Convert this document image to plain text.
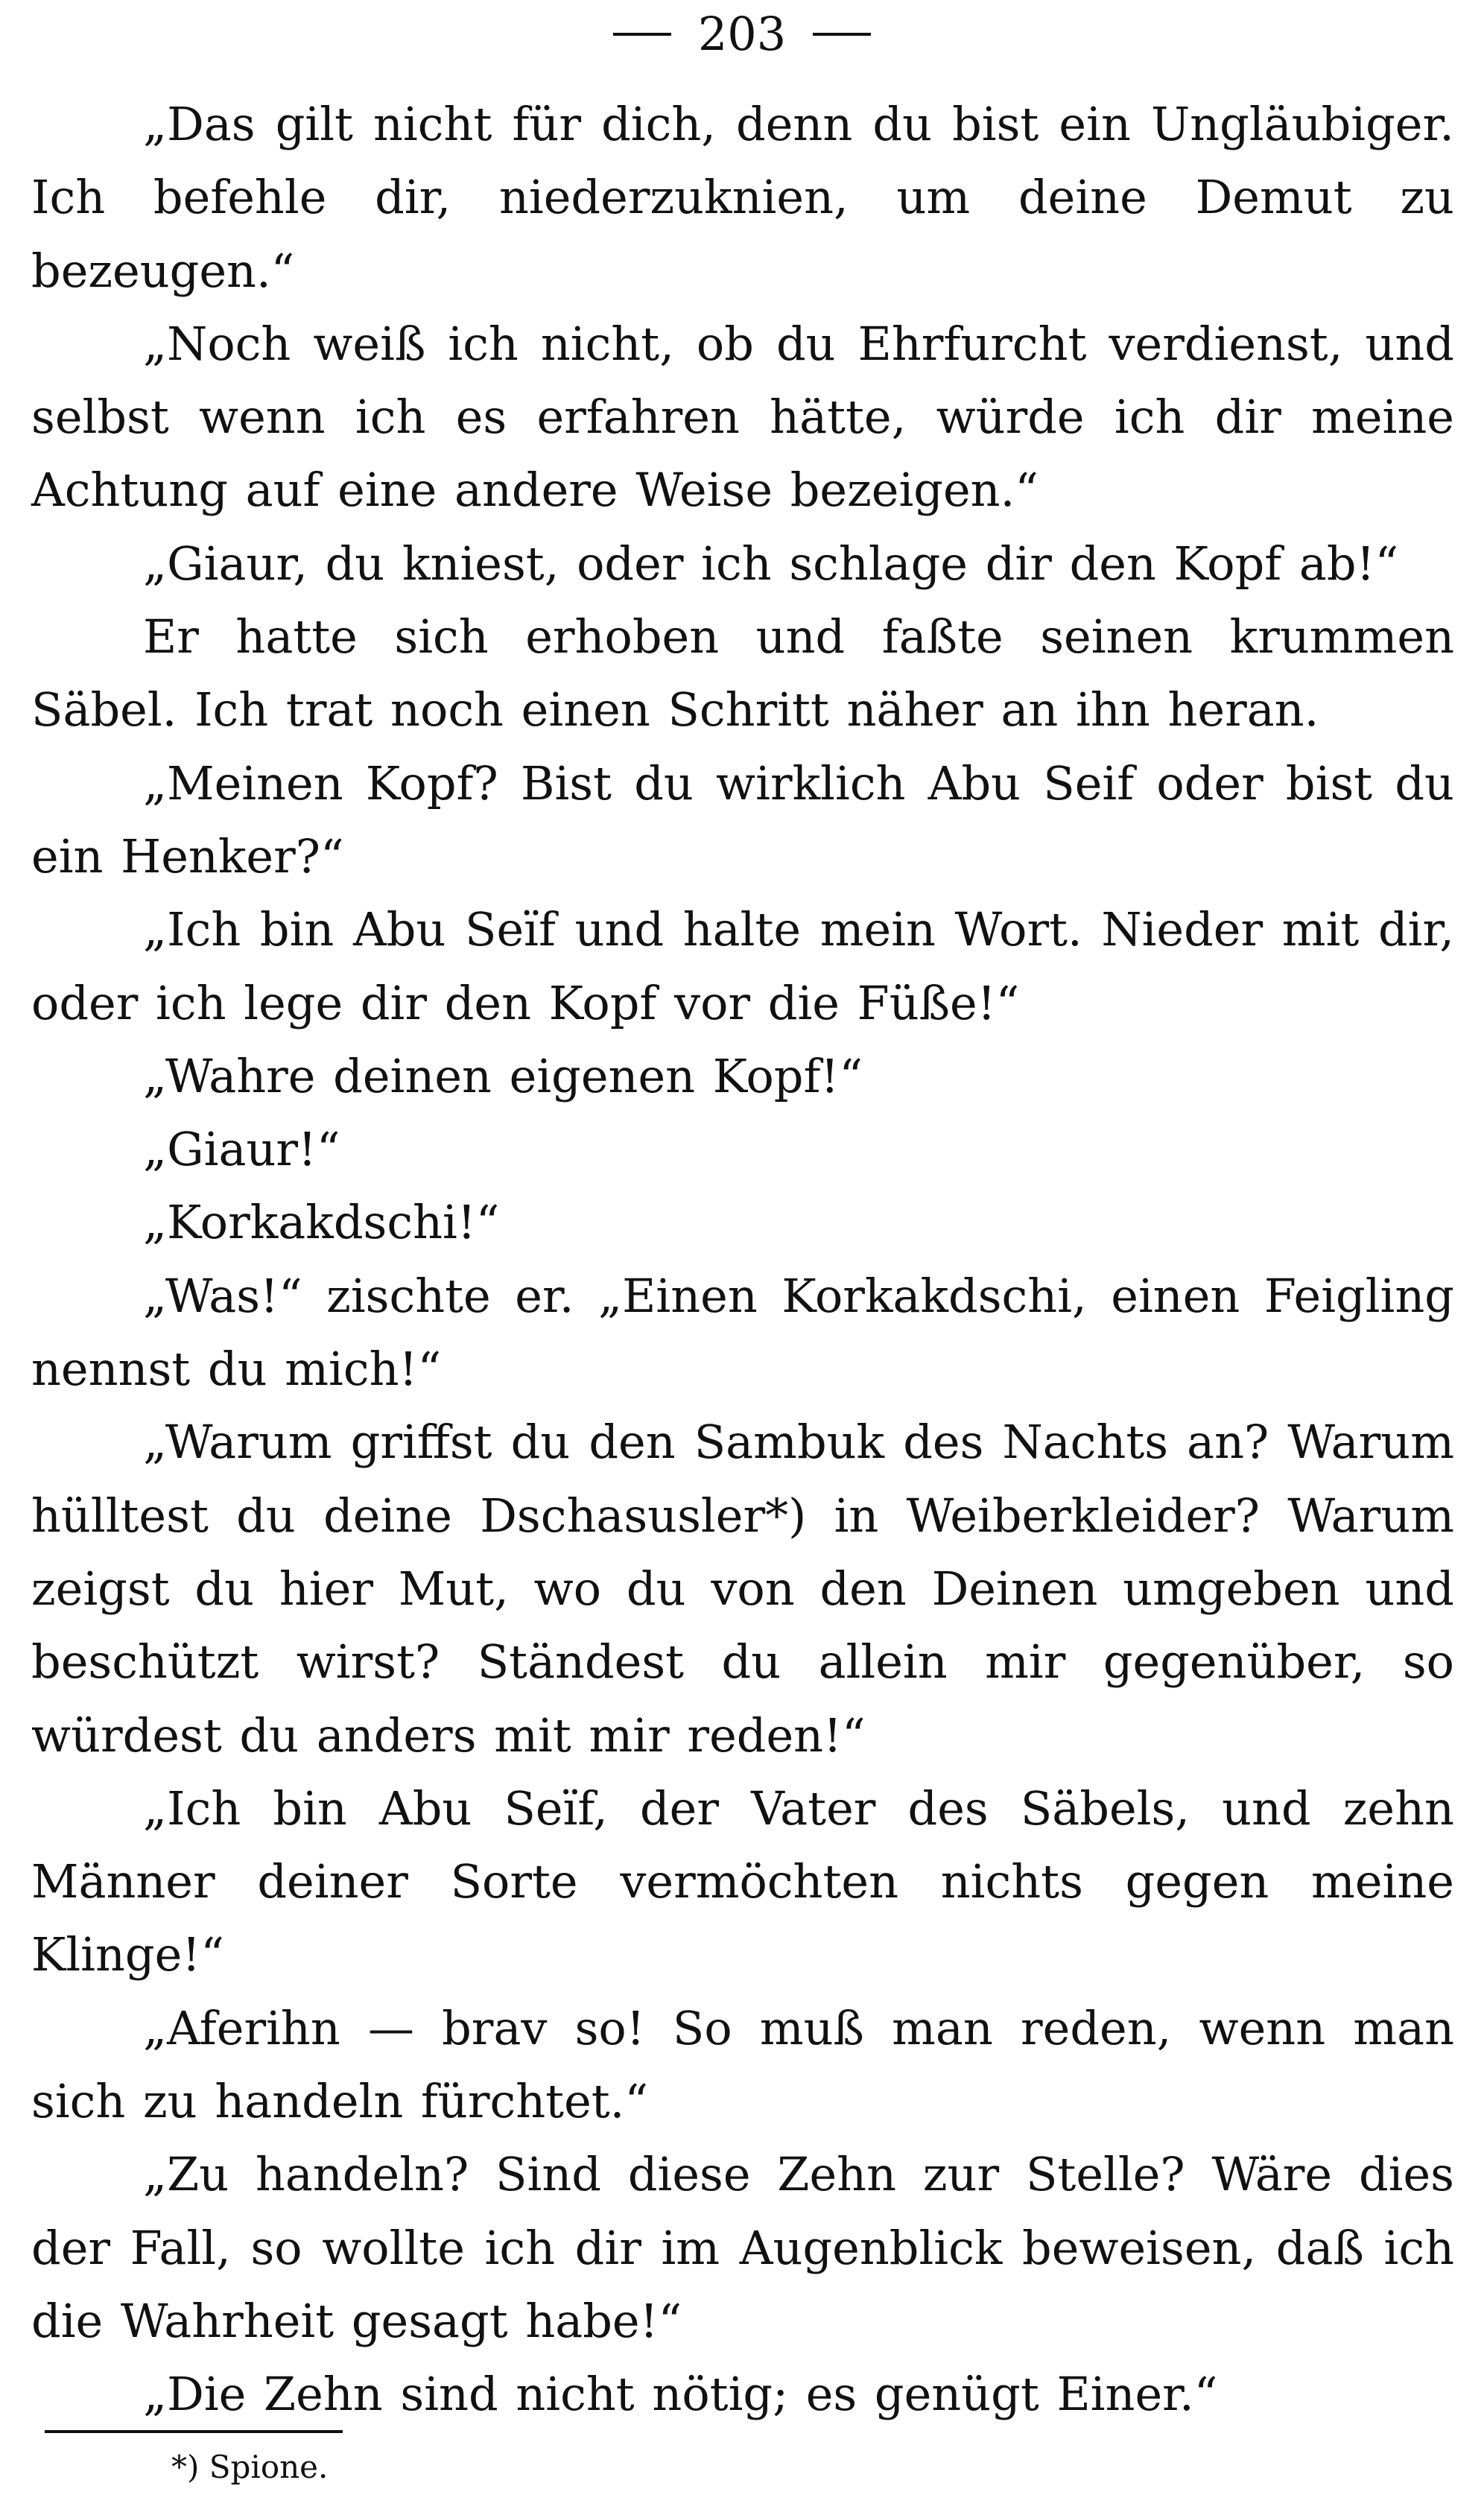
203

„Das gilt nicht für dich, denn du bist ein Ungläubiger. Ich befehle dir, niederzuknien, um deine Demut zu bezeugen.“

„Noch weiß ich nicht, ob du Ehrfurcht verdienst, und selbst wenn ich es erfahren hätte, würde ich dir meine Achtung auf eine andere Weise bezeigen.“

„Giaur, du kniest, oder ich schlage dir den Kopf ab!“

Er hatte sich erhoben und faßte seinen krummen Säbel. Ich trat noch einen Schritt näher an ihn heran.

„Meinen Kopf? Bist du wirklich Abu Seif oder bist du ein Henker?“

„Ich bin Abu Seïf und halte mein Wort. Nieder mit dir, oder ich lege dir den Kopf vor die Füße!“

„Wahre deinen eigenen Kopf!“

„Giaur!“

„Korkakdschi!“

„Was!“ zischte er. „Einen Korkakdschi, einen Feigling nennst du mich!“

„Warum griffst du den Sambuk des Nachts an? Warum hülltest du deine Dschasusler*) in Weiberkleider? Warum zeigst du hier Mut, wo du von den Deinen umgeben und beschützt wirst? Ständest du allein mir gegenüber, so würdest du anders mit mir reden!“

„Ich bin Abu Seïf, der Vater des Säbels, und zehn Männer deiner Sorte vermöchten nichts gegen meine Klinge!“

„Aferihn — brav so! So muß man reden, wenn man sich zu handeln fürchtet.“

„Zu handeln? Sind diese Zehn zur Stelle? Wäre dies der Fall, so wollte ich dir im Augenblick beweisen, daß ich die Wahrheit gesagt habe!“

„Die Zehn sind nicht nötig; es genügt Einer.“

*) Spione.
